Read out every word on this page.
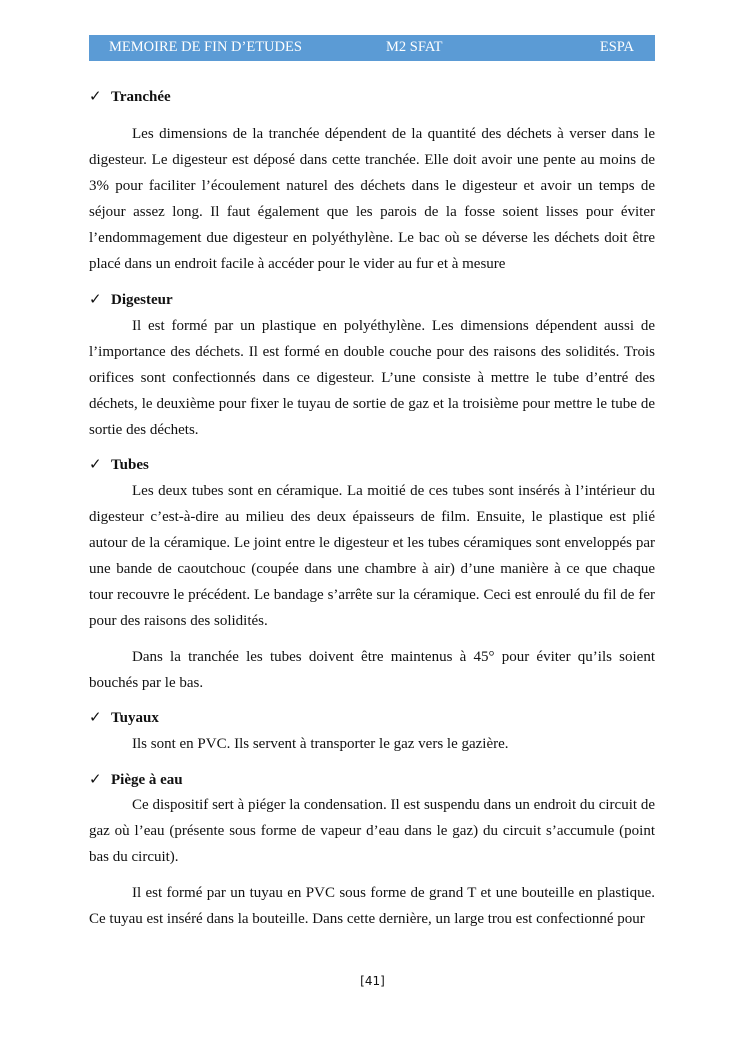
MEMOIRE DE FIN D’ETUDES	M2 SFAT	ESPA
✓ Tranchée

Les dimensions de la tranchée dépendent de la quantité des déchets à verser dans le digesteur. Le digesteur est déposé dans cette tranchée. Elle doit avoir une pente au moins de 3% pour faciliter l’écoulement naturel des déchets dans le digesteur et avoir un temps de séjour assez long. Il faut également que les parois de la fosse soient lisses pour éviter l’endommagement due digesteur en polyéthylène. Le bac où se déverse les déchets doit être placé dans un endroit facile à accéder pour le vider au fur et à mesure

✓ Digesteur

Il est formé par un plastique en polyéthylène. Les dimensions dépendent aussi de l’importance des déchets. Il est formé en double couche pour des raisons des solidités. Trois orifices sont confectionnés dans ce digesteur. L’une consiste à mettre le tube d’entré des déchets, le deuxième pour fixer le tuyau de sortie de gaz et la troisième pour mettre le tube de sortie des déchets.

✓ Tubes

Les deux tubes sont en céramique. La moitié de ces tubes sont insérés à l’intérieur du digesteur c’est-à-dire au milieu des deux épaisseurs de film. Ensuite, le plastique est plié autour de la céramique. Le joint entre le digesteur et les tubes céramiques sont enveloppés par une bande de caoutchouc (coupée dans une chambre à air) d’une manière à ce que chaque tour recouvre le précédent. Le bandage s’arrête sur la céramique. Ceci est enroulé du fil de fer pour des raisons des solidités.

Dans la tranchée les tubes doivent être maintenus à 45° pour éviter qu’ils soient bouchés par le bas.

✓ Tuyaux

Ils sont en PVC. Ils servent à transporter le gaz vers le gazière.

✓ Piège à eau

Ce dispositif sert à piéger la condensation. Il est suspendu dans un endroit du circuit de gaz où l’eau (présente sous forme de vapeur d’eau dans le gaz) du circuit s’accumule (point bas du circuit).

Il est formé par un tuyau en PVC sous forme de grand T et une bouteille en plastique. Ce tuyau est inséré dans la bouteille. Dans cette dernière, un large trou est confectionné pour

[41]
